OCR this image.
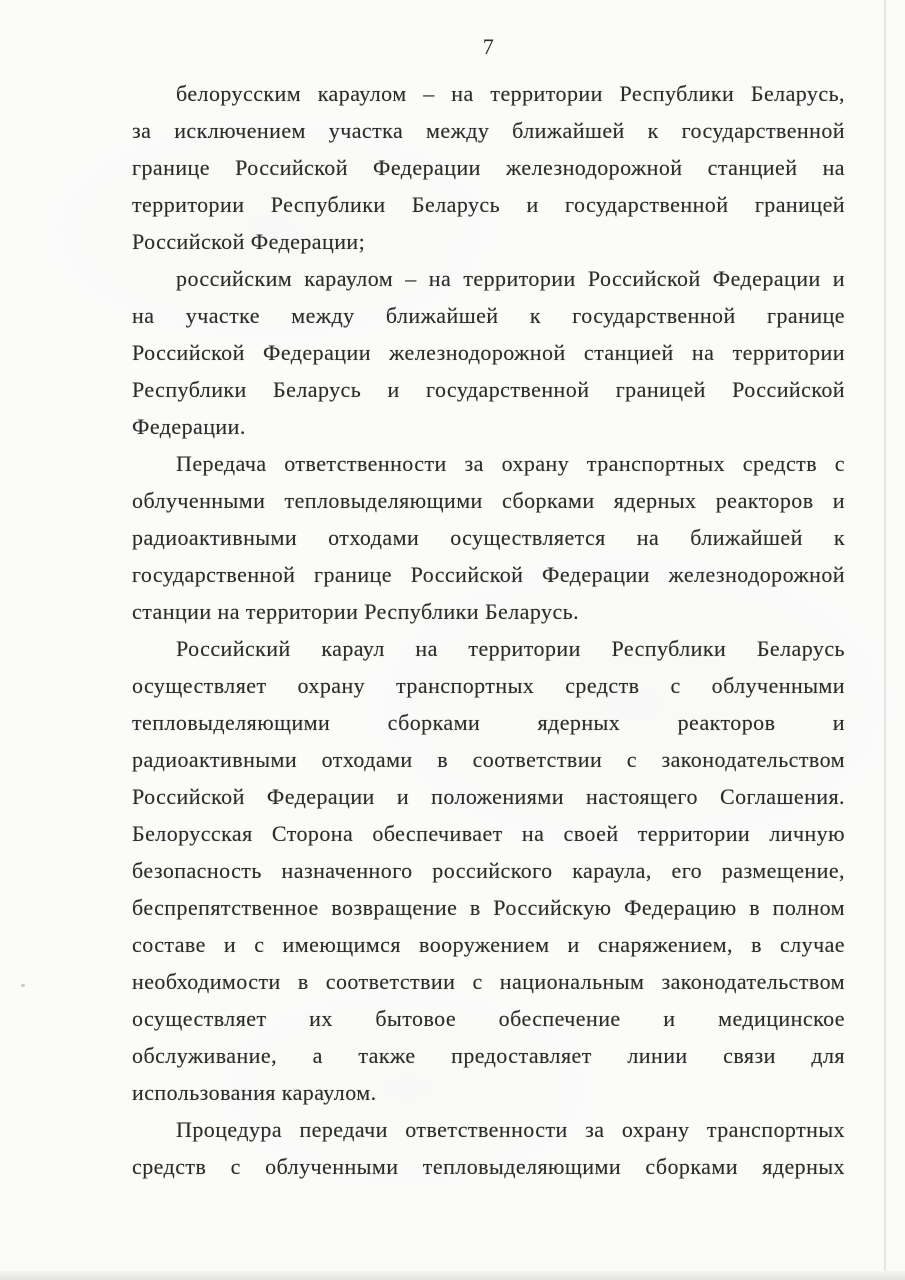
7
белорусским караулом – на территории Республики Беларусь,
за исключением участка между ближайшей к государственной
границе Российской Федерации железнодорожной станцией на
территории Республики Беларусь и государственной границей
Российской Федерации;
российским караулом – на территории Российской Федерации и
на участке между ближайшей к государственной границе
Российской Федерации железнодорожной станцией на территории
Республики Беларусь и государственной границей Российской
Федерации.
Передача ответственности за охрану транспортных средств с
облученными тепловыделяющими сборками ядерных реакторов и
радиоактивными отходами осуществляется на ближайшей к
государственной границе Российской Федерации железнодорожной
станции на территории Республики Беларусь.
Российский караул на территории Республики Беларусь
осуществляет охрану транспортных средств с облученными
тепловыделяющими сборками ядерных реакторов и
радиоактивными отходами в соответствии с законодательством
Российской Федерации и положениями настоящего Соглашения.
Белорусская Сторона обеспечивает на своей территории личную
безопасность назначенного российского караула, его размещение,
беспрепятственное возвращение в Российскую Федерацию в полном
составе и с имеющимся вооружением и снаряжением, в случае
необходимости в соответствии с национальным законодательством
осуществляет их бытовое обеспечение и медицинское
обслуживание, а также предоставляет линии связи для
использования караулом.
Процедура передачи ответственности за охрану транспортных
средств с облученными тепловыделяющими сборками ядерных
